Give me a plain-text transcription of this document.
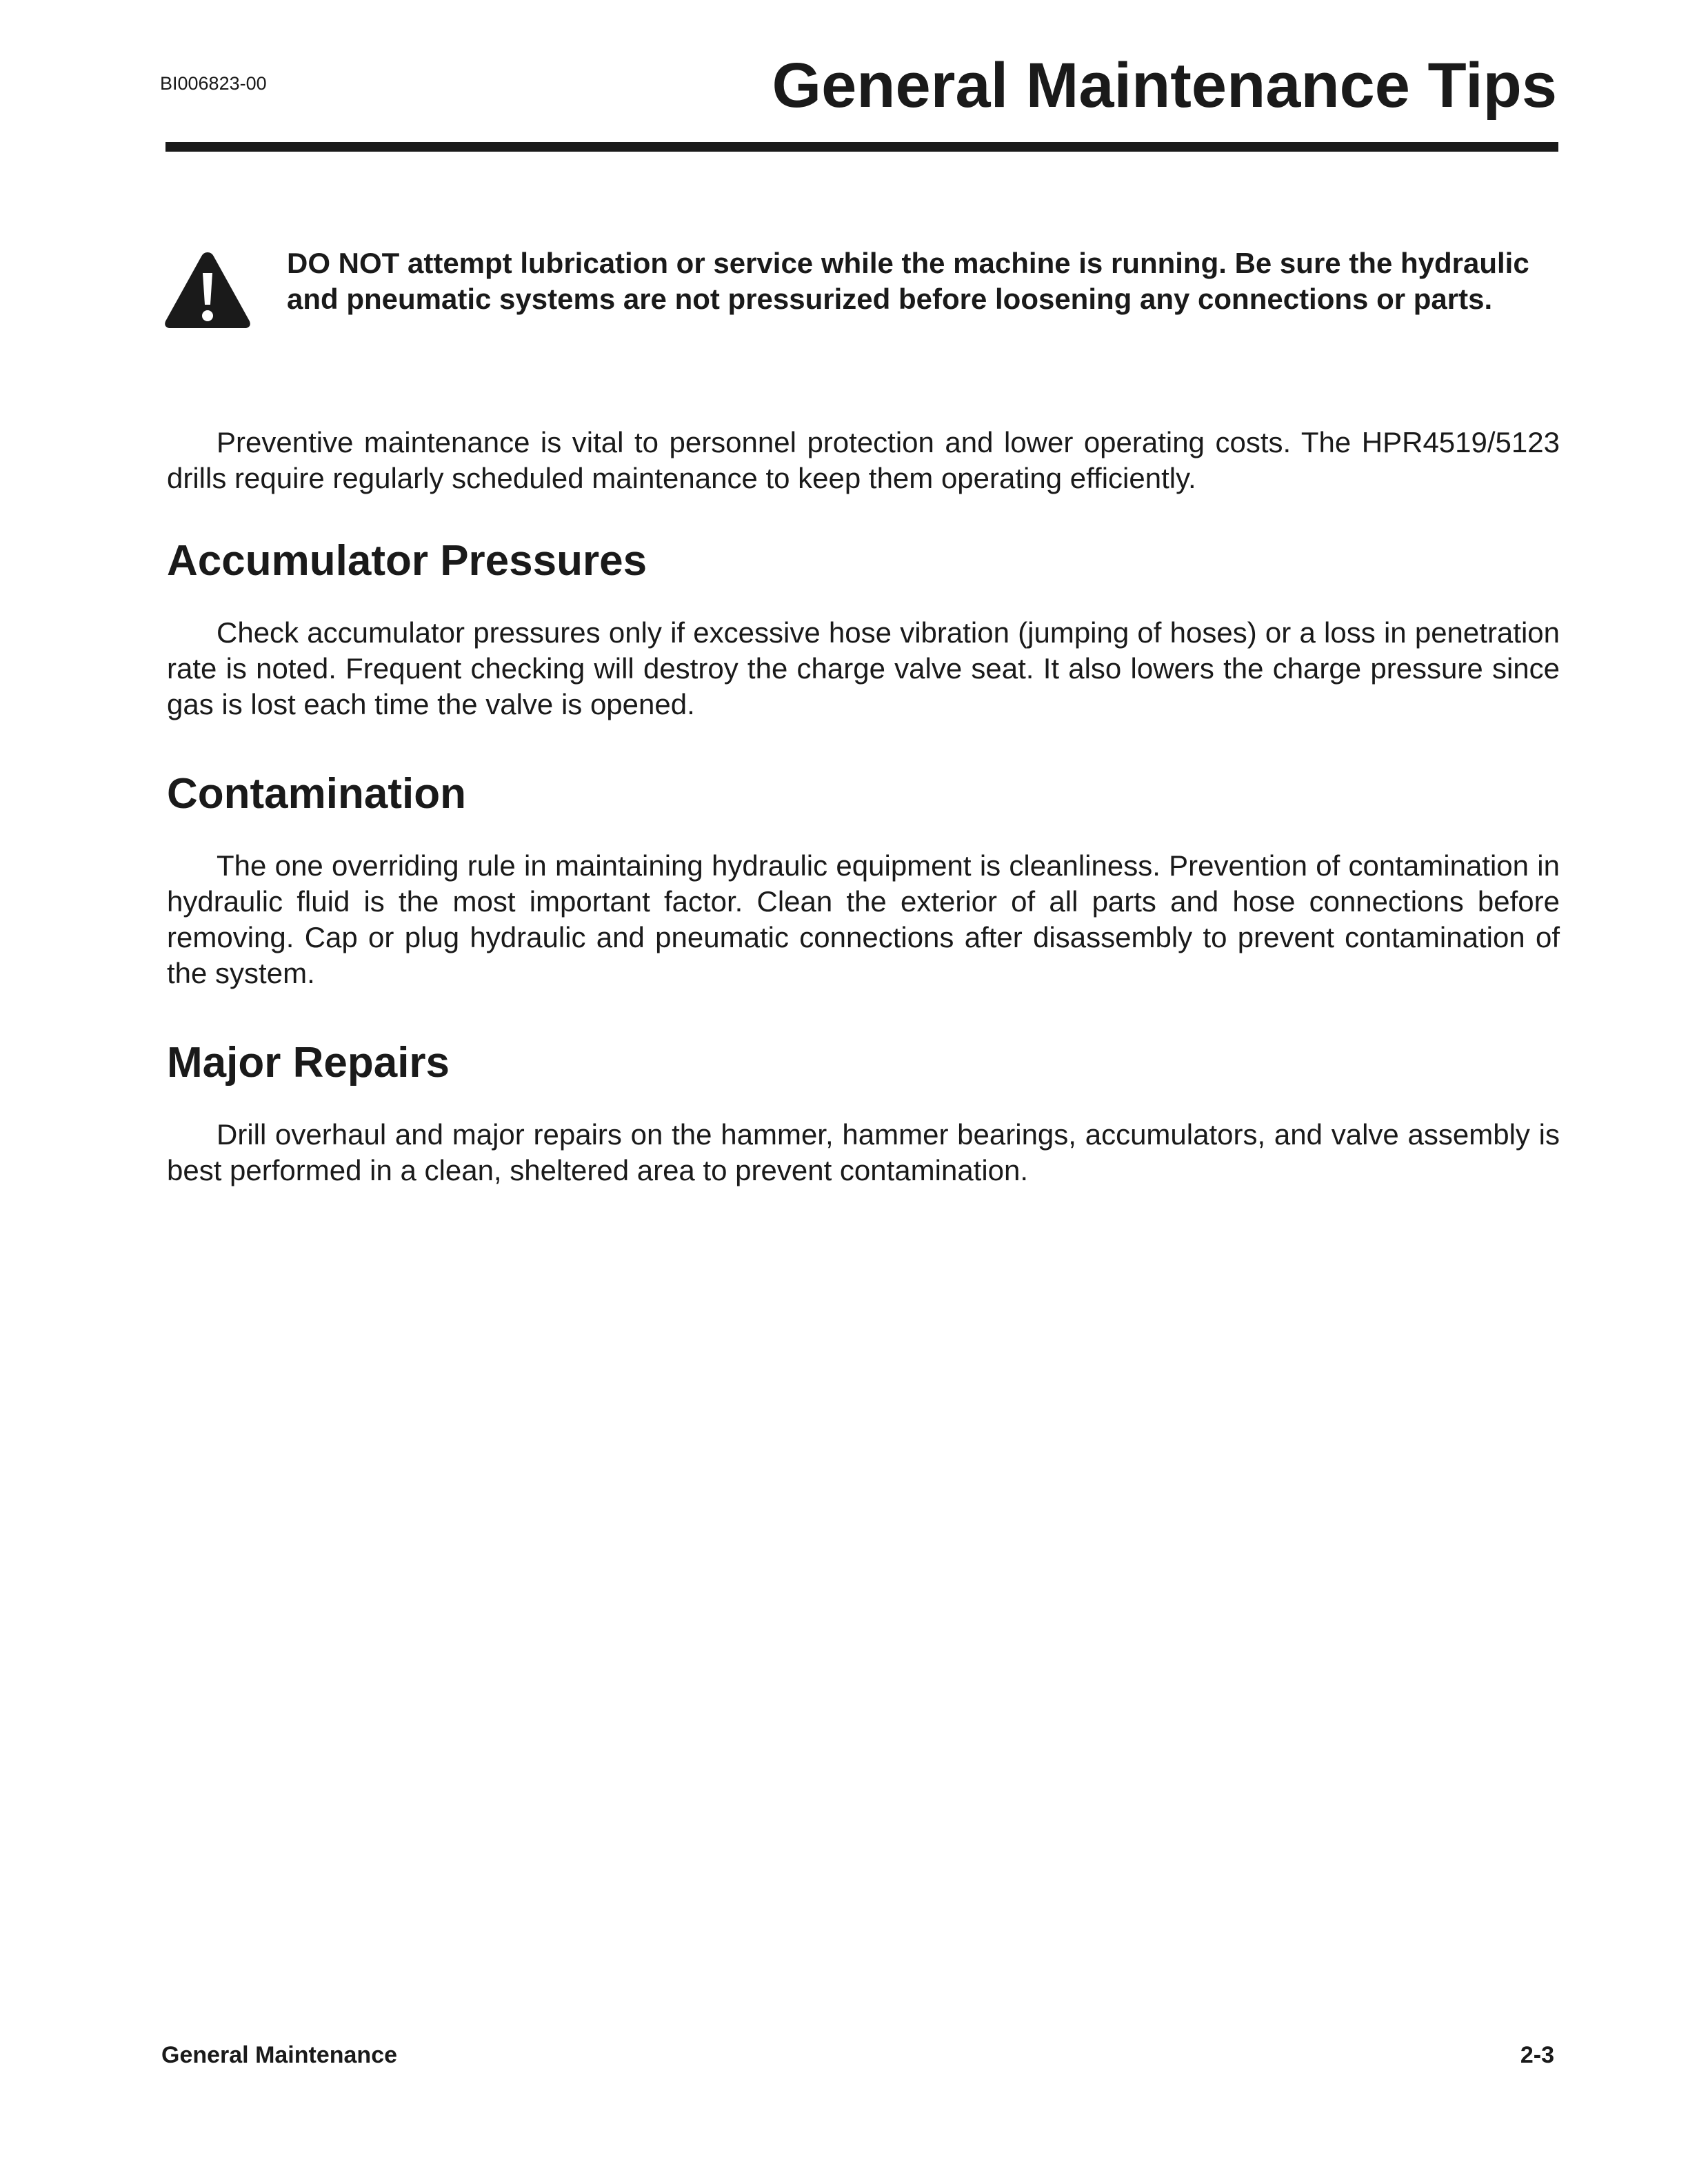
BI006823-00	General Maintenance Tips

DO NOT attempt lubrication or service while the machine is running. Be sure the hydraulic and pneumatic systems are not pressurized before loosening any connections or parts.

Preventive maintenance is vital to personnel protection and lower operating costs. The HPR4519/5123 drills require regularly scheduled maintenance to keep them operating efficiently.

Accumulator Pressures

Check accumulator pressures only if excessive hose vibration (jumping of hoses) or a loss in penetration rate is noted. Frequent checking will destroy the charge valve seat. It also lowers the charge pressure since gas is lost each time the valve is opened.

Contamination

The one overriding rule in maintaining hydraulic equipment is cleanliness. Prevention of contamination in hydraulic fluid is the most important factor. Clean the exterior of all parts and hose connections before removing. Cap or plug hydraulic and pneumatic connections after disassembly to prevent contamination of the system.

Major Repairs

Drill overhaul and major repairs on the hammer, hammer bearings, accumulators, and valve assembly is best performed in a clean, sheltered area to prevent contamination.

General Maintenance	2-3
